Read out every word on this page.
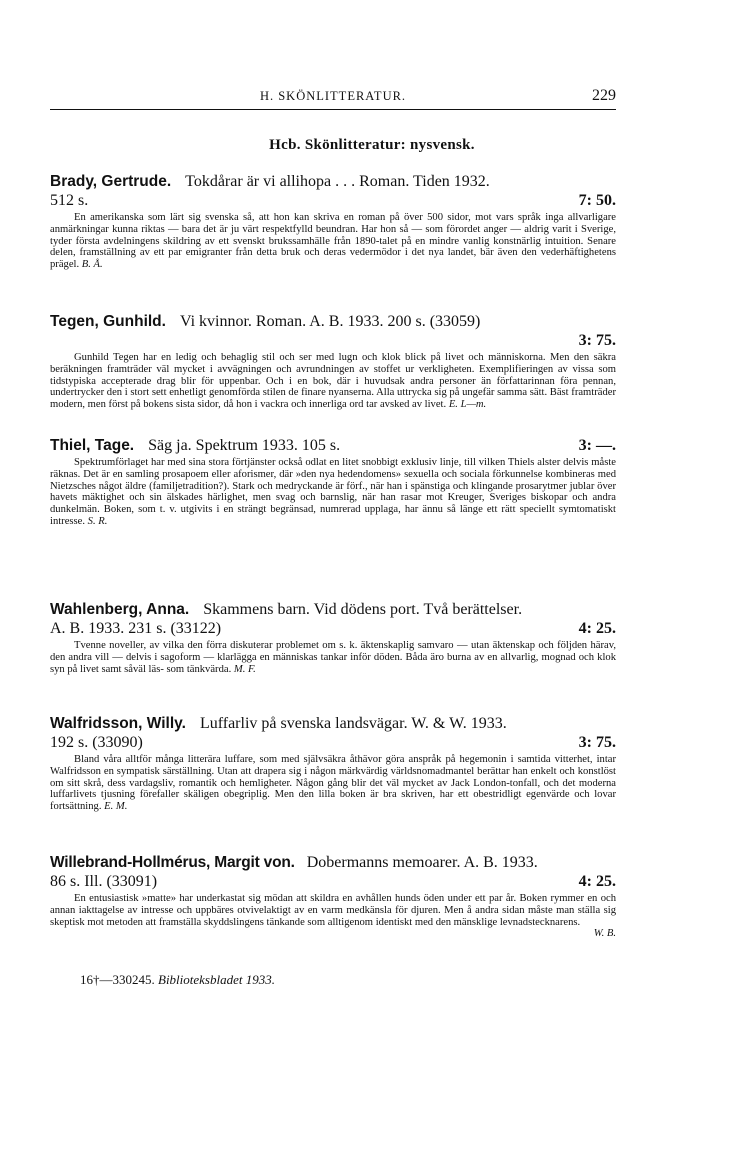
H. SKÖNLITTERATUR.	229
Hcb. Skönlitteratur: nysvensk.
Brady, Gertrude. Tokdårar är vi allihopa . . . Roman. Tiden 1932.
512 s.	7: 50.

En amerikanska som lärt sig svenska så, att hon kan skriva en roman på över 500 sidor, mot vars språk inga allvarligare anmärkningar kunna riktas — bara det är ju värt respektfylld beundran. Har hon så — som förordet anger — aldrig varit i Sverige, tyder första avdelningens skildring av ett svenskt brukssamhälle från 1890-talet på en mindre vanlig konstnärlig intuition. Senare delen, framställning av ett par emigranter från detta bruk och deras vedermödor i det nya landet, bär även den vederhäftighetens prägel. B. Å.

Tegen, Gunhild. Vi kvinnor. Roman. A. B. 1933. 200 s. (33059)
3: 75.

Gunhild Tegen har en ledig och behaglig stil och ser med lugn och klok blick på livet och människorna. Men den säkra beräkningen framträder väl mycket i avvägningen och avrundningen av stoffet ur verkligheten. Exemplifieringen av vissa som tidstypiska accepterade drag blir för uppenbar. Och i en bok, där i huvudsak andra personer än författarinnan föra pennan, undertrycker den i stort sett enhetligt genomförda stilen de finare nyanserna. Alla uttrycka sig på ungefär samma sätt. Bäst framträder modern, men först på bokens sista sidor, då hon i vackra och innerliga ord tar avsked av livet. E. L—m.

Thiel, Tage. Säg ja. Spektrum 1933. 105 s.	3: —.

Spektrumförlaget har med sina stora förtjänster också odlat en litet snobbigt exklusiv linje, till vilken Thiels alster delvis måste räknas. Det är en samling prosapoem eller aforismer, där »den nya hedendomens» sexuella och sociala förkunnelse kombineras med Nietzsches något äldre (familjetradition?). Stark och medryckande är förf., när han i spänstiga och klingande prosarytmer jublar över havets mäktighet och sin älskades härlighet, men svag och barnslig, när han rasar mot Kreuger, Sveriges biskopar och andra dunkelmän. Boken, som t. v. utgivits i en strängt begränsad, numrerad upplaga, har ännu så länge ett rätt speciellt symtomatiskt intresse. S. R.

Wahlenberg, Anna. Skammens barn. Vid dödens port. Två berättelser.
A. B. 1933. 231 s. (33122)	4: 25.

Tvenne noveller, av vilka den förra diskuterar problemet om s. k. äktenskaplig samvaro — utan äktenskap och följden härav, den andra vill — delvis i sagoform — klarlägga en människas tankar inför döden. Båda äro burna av en allvarlig, mognad och klok syn på livet samt såväl läs- som tänkvärda. M. F.

Walfridsson, Willy. Luffarliv på svenska landsvägar. W. & W. 1933.
192 s. (33090)	3: 75.

Bland våra alltför många litterära luffare, som med självsäkra åthävor göra anspråk på hegemonin i samtida vitterhet, intar Walfridsson en sympatisk särställning. Utan att drapera sig i någon märkvärdig världsnomadmantel berättar han enkelt och konstlöst om sitt skrå, dess vardagsliv, romantik och hemligheter. Någon gång blir det väl mycket av Jack London-tonfall, och det moderna luffarlivets tjusning förefaller skäligen obegriplig. Men den lilla boken är bra skriven, har ett obestridligt egenvärde och lovar fortsättning. E. M.

Willebrand-Hollmérus, Margit von. Dobermanns memoarer. A. B. 1933.
86 s. Ill. (33091)	4: 25.

En entusiastisk »matte» har underkastat sig mödan att skildra en avhållen hunds öden under ett par år. Boken rymmer en och annan iakttagelse av intresse och uppbäres otvivelaktigt av en varm medkänsla för djuren. Men å andra sidan måste man ställa sig skeptisk mot metoden att framställa skyddslingens tänkande som alltigenom identiskt med den mänsklige levnadstecknarens.

W. B.
16†—330245. Biblioteksbladet 1933.
